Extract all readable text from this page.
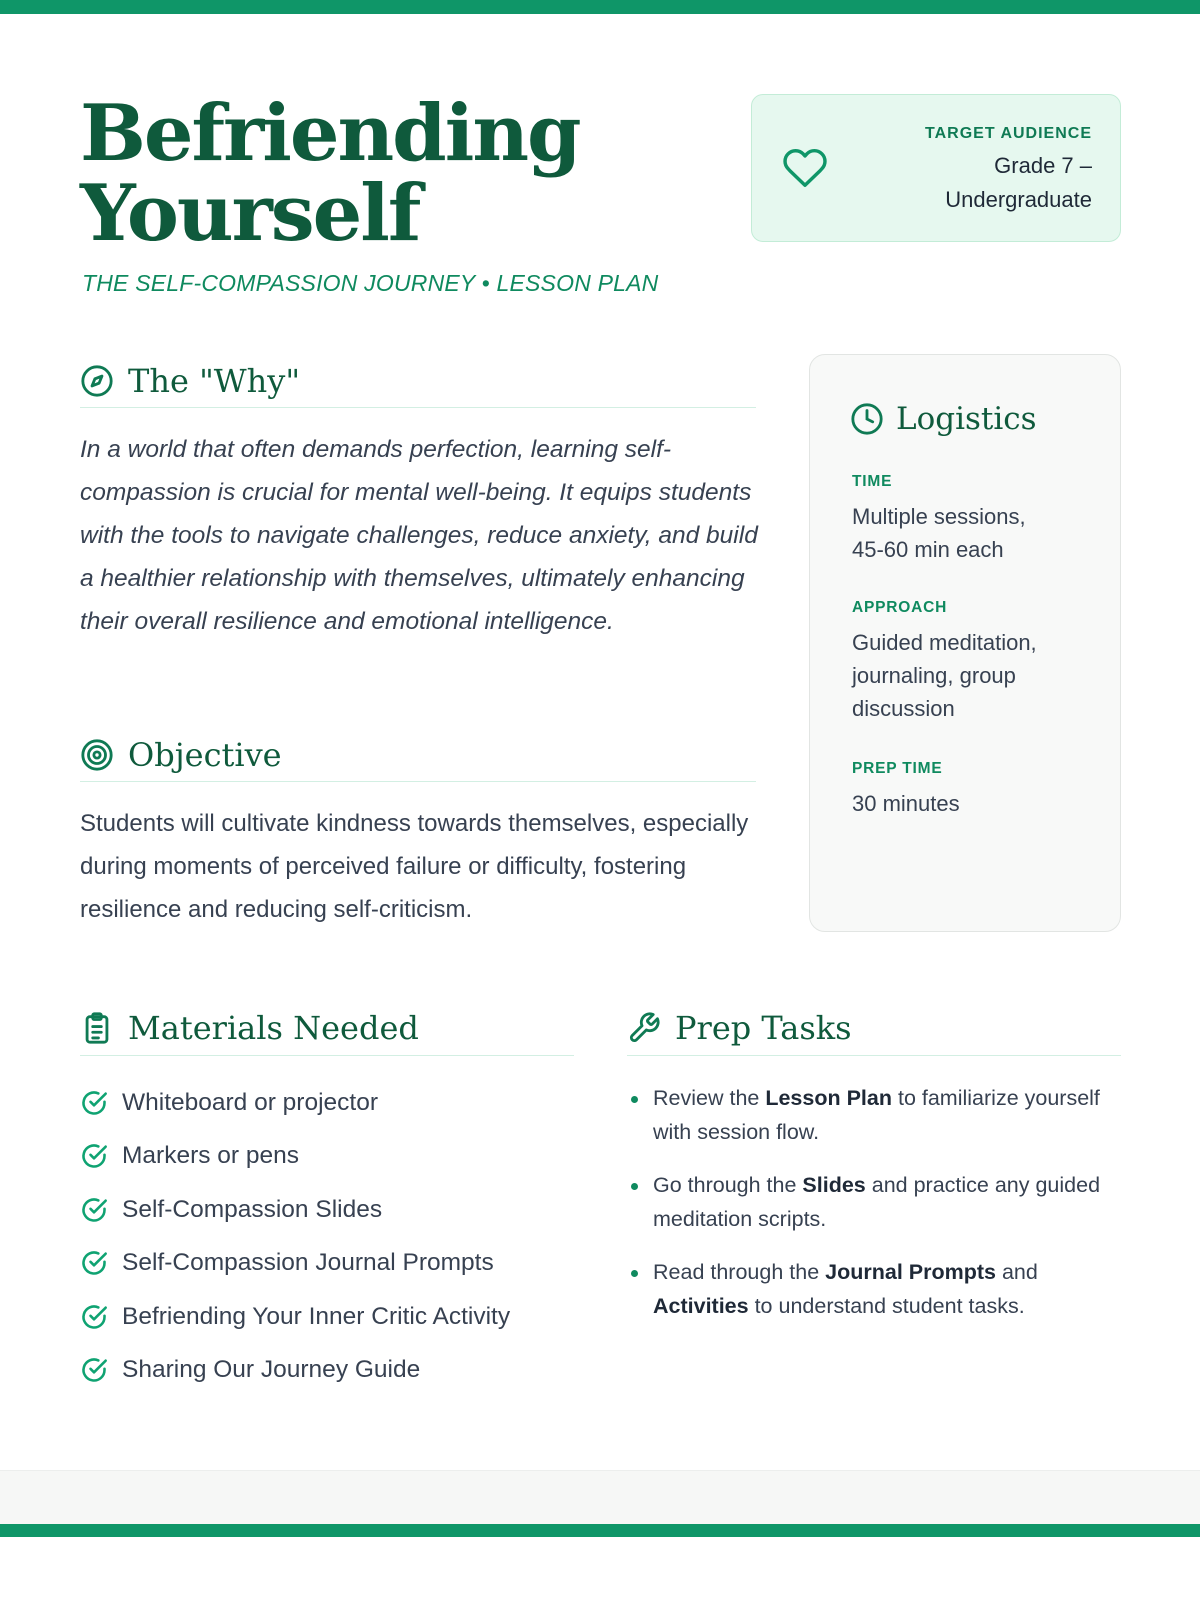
Befriending
Yourself
THE SELF-COMPASSION JOURNEY • LESSON PLAN
TARGET AUDIENCE
Grade 7 –
Undergraduate
The "Why"

In a world that often demands perfection, learning self-compassion is crucial for mental well-being. It equips students with the tools to navigate challenges, reduce anxiety, and build a healthier relationship with themselves, ultimately enhancing their overall resilience and emotional intelligence.

Objective

Students will cultivate kindness towards themselves, especially during moments of perceived failure or difficulty, fostering resilience and reducing self-criticism.

Logistics
TIME
Multiple sessions,
45-60 min each
APPROACH
Guided meditation,
journaling, group
discussion
PREP TIME
30 minutes
Materials Needed
Whiteboard or projector
Markers or pens
Self-Compassion Slides
Self-Compassion Journal Prompts
Befriending Your Inner Critic Activity
Sharing Our Journey Guide
Prep Tasks
Review the Lesson Plan to familiarize yourself with session flow.
Go through the Slides and practice any guided meditation scripts.
Read through the Journal Prompts and Activities to understand student tasks.
